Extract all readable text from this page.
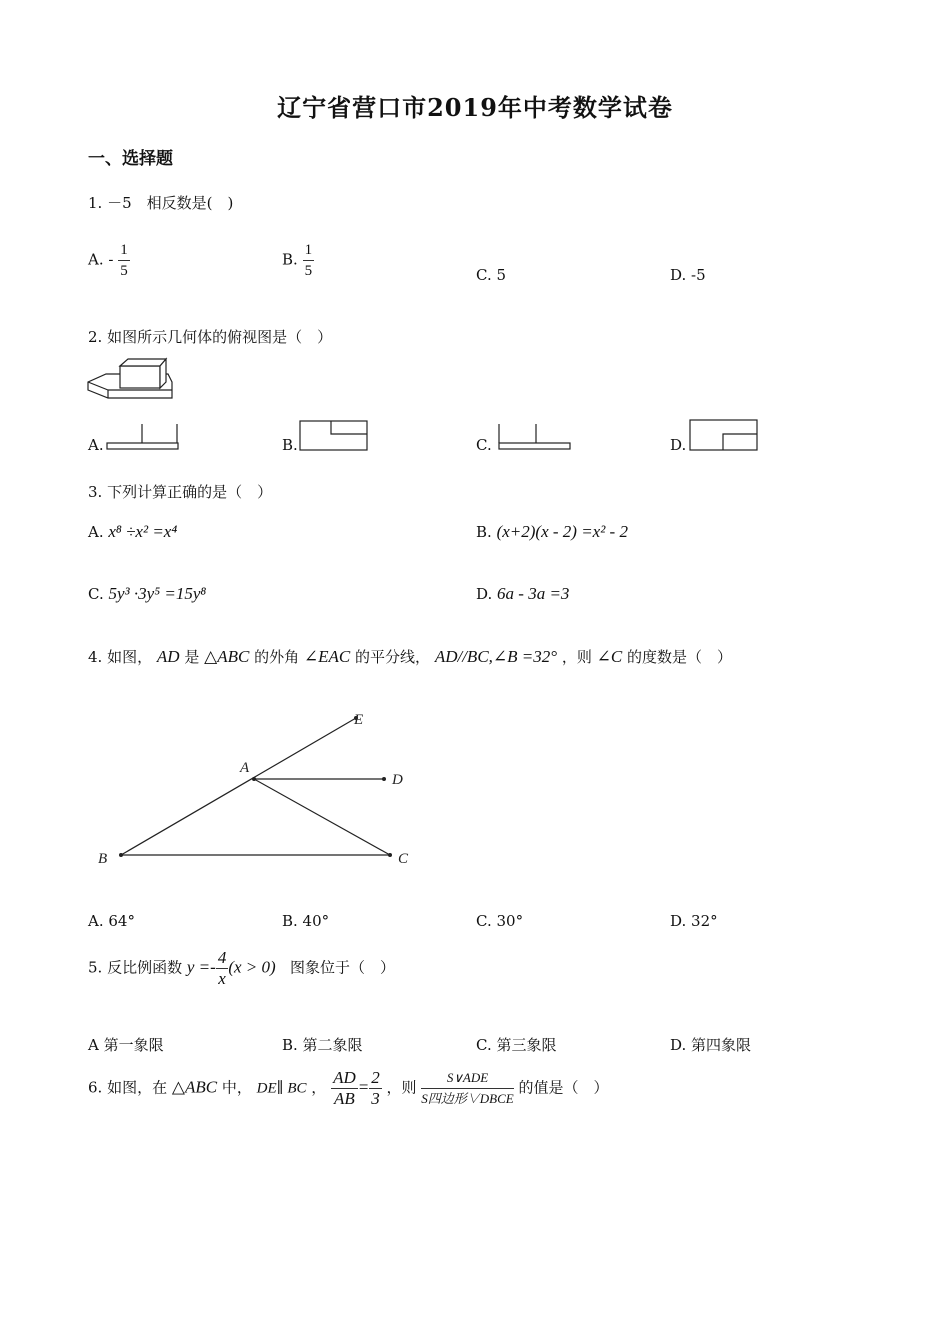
辽宁省营口市2019年中考数学试卷
一、选择题
1. －5　相反数是(　)
A. - $\frac{1}{5}$	B. $\frac{1}{5}$	C. 5	D. -5
2. 如图所示几何体的俯视图是（　）
A.	B.	C.	D.
3. 下列计算正确的是（　）
A. x⁸ ÷x² =x⁴	B. (x+2)(x - 2) =x² - 2
C. 5y³ ·3y⁵ =15y⁸	D. 6a - 3a =3
4. 如图， AD 是 △ABC 的外角 ∠EAC 的平分线， AD//BC,∠B =32° ，则 ∠C 的度数是（　）
E
A
D
B	C
A. 64°	B. 40°	C. 30°	D. 32°
5. 反比例函数 $y =- \frac{4}{x} (x > 0)$ 图象位于（　）
A 第一象限	B. 第二象限	C. 第三象限	D. 第四象限
6. 如图，在 △ABC 中， DE∥ BC ， $\frac{AD}{AB} = \frac{2}{3}$ ，则 $\frac{\text{S∨ADE}}{\text{S四边形∨DBCE}}$ 的值是（　）
